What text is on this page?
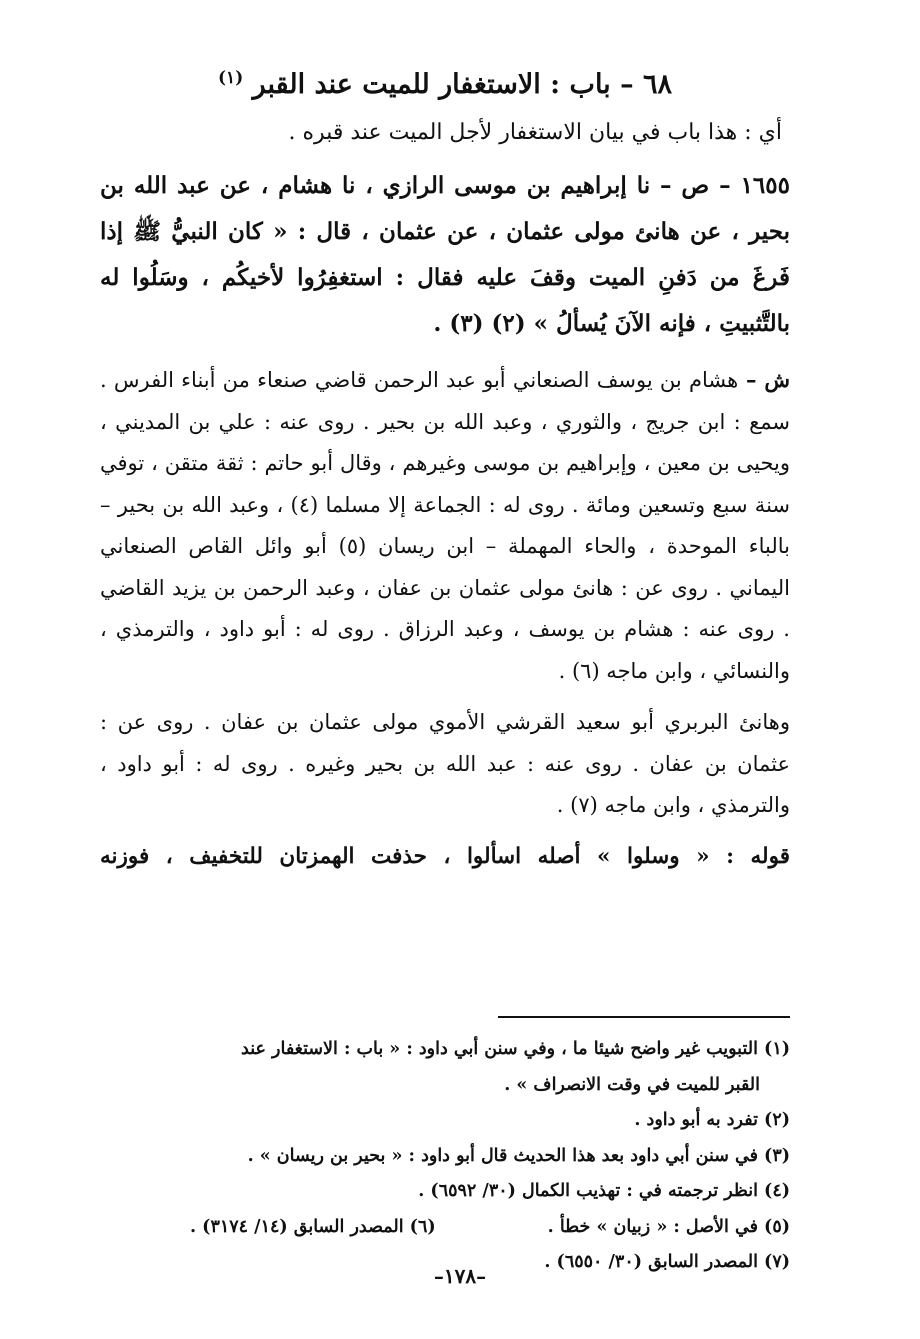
٦٨ – باب : الاستغفار للميت عند القبر $^{(١)}$
أي : هذا باب في بيان الاستغفار لأجل الميت عند قبره .
١٦٥٥ – ص – نا إبراهيم بن موسى الرازي ، نا هشام ، عن عبد الله بن بحير ، عن هانئ مولى عثمان ، عن عثمان ، قال : « كان النبيُّ ﷺ إذا فَرغَ من دَفنِ الميت وقفَ عليه فقال : استغفِرُوا لأخيكُم ، وسَلُوا له بالتَّثبيتِ ، فإنه الآنَ يُسألُ » (٢) (٣) .
ش – هشام بن يوسف الصنعاني أبو عبد الرحمن قاضي صنعاء من أبناء الفرس . سمع : ابن جريج ، والثوري ، وعبد الله بن بحير . روى عنه : علي بن المديني ، ويحيى بن معين ، وإبراهيم بن موسى وغيرهم ، وقال أبو حاتم : ثقة متقن ، توفي سنة سبع وتسعين ومائة . روى له : الجماعة إلا مسلما (٤) ، وعبد الله بن بحير – بالباء الموحدة ، والحاء المهملة – ابن ريسان (٥) أبو وائل القاص الصنعاني اليماني . روى عن : هانئ مولى عثمان بن عفان ، وعبد الرحمن بن يزيد القاضي . روى عنه : هشام بن يوسف ، وعبد الرزاق . روى له : أبو داود ، والترمذي ، والنسائي ، وابن ماجه (٦) .
وهانئ البربري أبو سعيد القرشي الأموي مولى عثمان بن عفان . روى عن : عثمان بن عفان . روى عنه : عبد الله بن بحير وغيره . روى له : أبو داود ، والترمذي ، وابن ماجه (٧) .
قوله : « وسلوا » أصله اسألوا ، حذفت الهمزتان للتخفيف ، فوزنه
(١) التبويب غير واضح شيئا ما ، وفي سنن أبي داود : « باب : الاستغفار عند
القبر للميت في وقت الانصراف » .
(٢) تفرد به أبو داود .
(٣) في سنن أبي داود بعد هذا الحديث قال أبو داود : « بحير بن ريسان » .
(٤) انظر ترجمته في : تهذيب الكمال (٣٠/ ٦٥٩٢) .
(٥) في الأصل : « زبيان » خطأ .
(٦) المصدر السابق (١٤/ ٣١٧٤) .
(٧) المصدر السابق (٣٠/ ٦٥٥٠) .
–١٧٨–
